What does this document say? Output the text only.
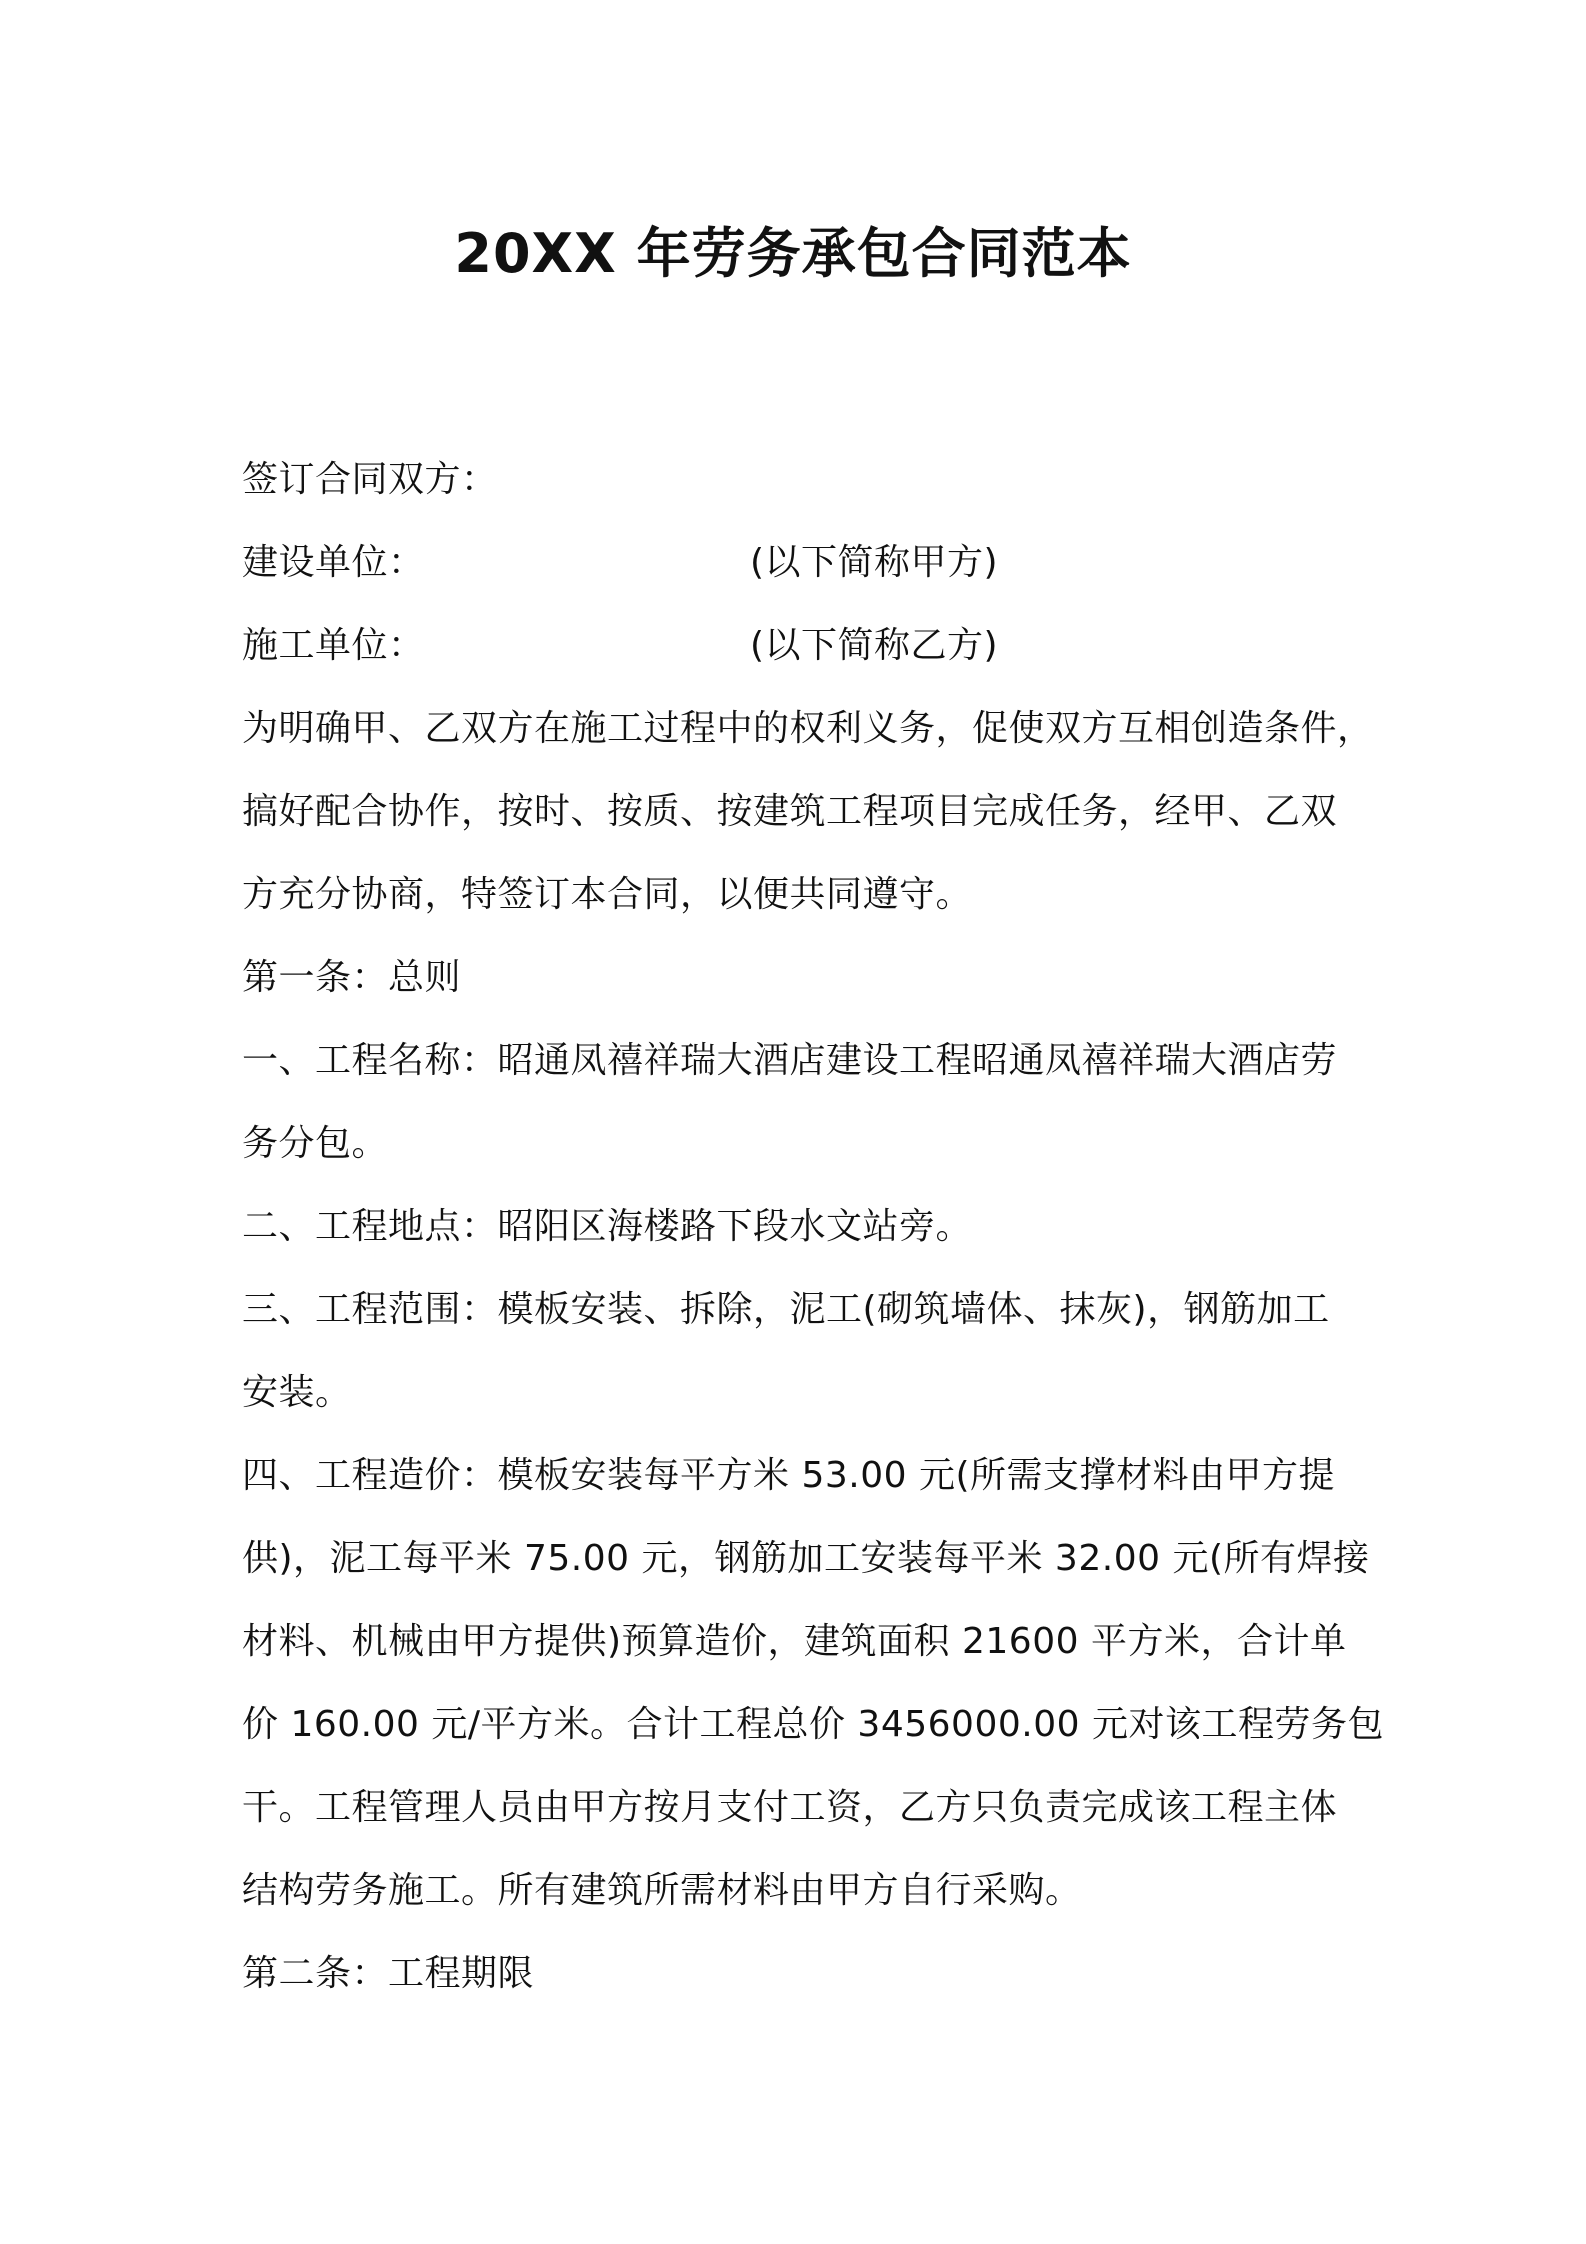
20XX 年劳务承包合同范本
签订合同双方：
建设单位：	(以下简称甲方)
施工单位：	(以下简称乙方)
为明确甲、乙双方在施工过程中的权利义务，促使双方互相创造条件，
搞好配合协作，按时、按质、按建筑工程项目完成任务，经甲、乙双
方充分协商，特签订本合同，以便共同遵守。
第一条：总则
一、工程名称：昭通凤禧祥瑞大酒店建设工程昭通凤禧祥瑞大酒店劳
务分包。
二、工程地点：昭阳区海楼路下段水文站旁。
三、工程范围：模板安装、拆除，泥工(砌筑墙体、抹灰)，钢筋加工
安装。
四、工程造价：模板安装每平方米 53.00 元(所需支撑材料由甲方提
供)，泥工每平米 75.00 元，钢筋加工安装每平米 32.00 元(所有焊接
材料、机械由甲方提供)预算造价，建筑面积 21600 平方米，合计单
价 160.00 元/平方米。合计工程总价 3456000.00 元对该工程劳务包
干。工程管理人员由甲方按月支付工资，乙方只负责完成该工程主体
结构劳务施工。所有建筑所需材料由甲方自行采购。
第二条：工程期限
